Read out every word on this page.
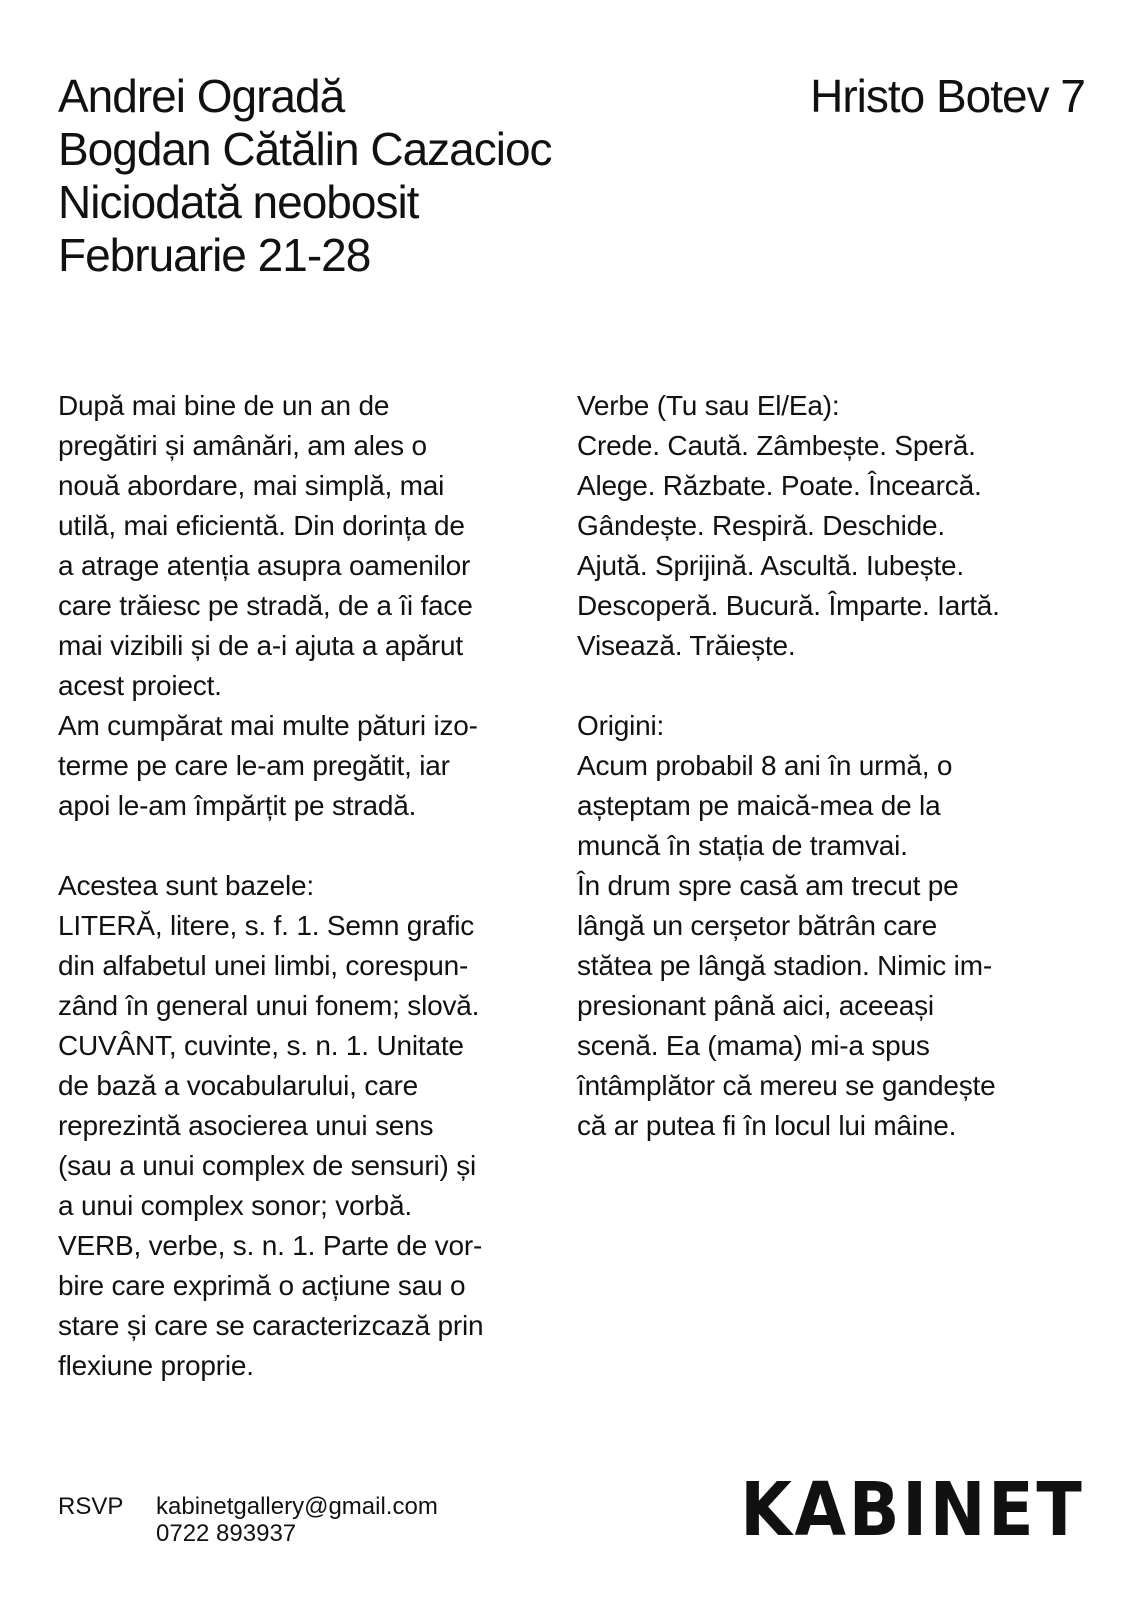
Andrei Ogradă
Bogdan Cătălin Cazacioc
Niciodată neobosit
Februarie 21-28
Hristo Botev 7
După mai bine de un an de
pregătiri și amânări, am ales o
nouă abordare, mai simplă, mai
utilă, mai eficientă. Din dorința de
a atrage atenția asupra oamenilor
care trăiesc pe stradă, de a îi face
mai vizibili și de a-i ajuta a apărut
acest proiect.
Am cumpărat mai multe pături izo-
terme pe care le-am pregătit, iar
apoi le-am împărțit pe stradă.
Acestea sunt bazele:
LITERĂ, litere, s. f. 1. Semn grafic
din alfabetul unei limbi, corespun-
zând în general unui fonem; slovă.
CUVÂNT, cuvinte, s. n. 1. Unitate
de bază a vocabularului, care
reprezintă asocierea unui sens
(sau a unui complex de sensuri) și
a unui complex sonor; vorbă.
VERB, verbe, s. n. 1. Parte de vor-
bire care exprimă o acțiune sau o
stare și care se caracterizcază prin
flexiune proprie.
Verbe (Tu sau El/Ea):
Crede. Caută. Zâmbește. Speră.
Alege. Răzbate. Poate. Încearcă.
Gândește. Respiră. Deschide.
Ajută. Sprijină. Ascultă. Iubește.
Descoperă. Bucură. Împarte. Iartă.
Visează. Trăiește.
Origini:
Acum probabil 8 ani în urmă, o
așteptam pe maică-mea de la
muncă în stația de tramvai.
În drum spre casă am trecut pe
lângă un cerșetor bătrân care
stătea pe lângă stadion. Nimic im-
presionant până aici, aceeași
scenă. Ea (mama) mi-a spus
întâmplător că mereu se gandește
că ar putea fi în locul lui mâine.
RSVP kabinetgallery@gmail.com
0722 893937	KABINET
